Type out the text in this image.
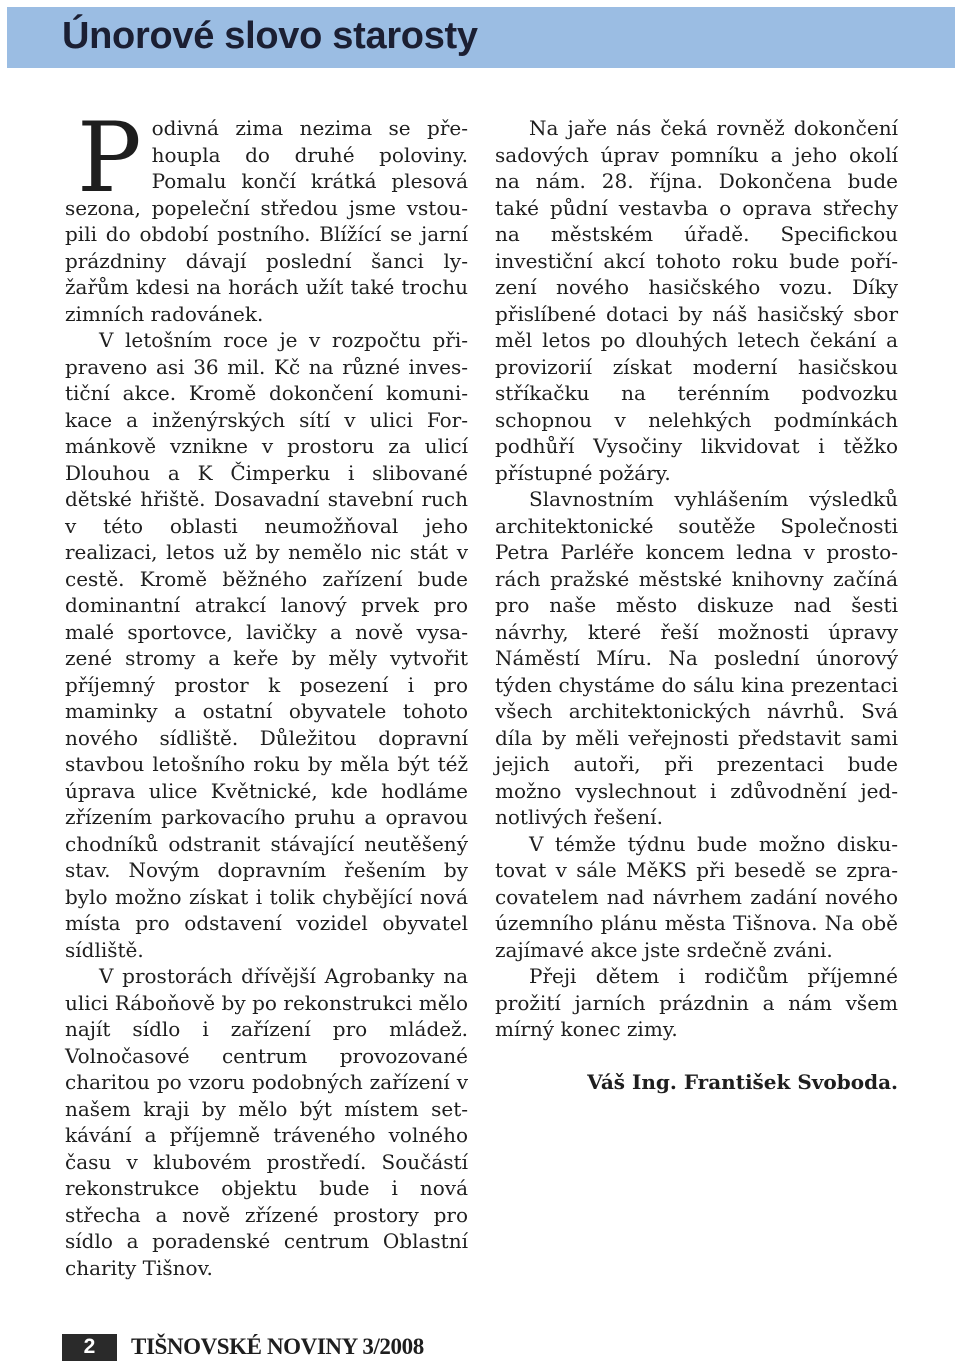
Únorové slovo starosty

Podivná zima nezima se přehoupla do druhé poloviny. Pomalu končí krátká plesová sezona, popeleční středou jsme vstoupili do období postního. Blížící se jarní prázdniny dávají poslední šanci lyžařům kdesi na horách užít také trochu zimních radovánek.

V letošním roce je v rozpočtu připraveno asi 36 mil. Kč na různé investiční akce. Kromě dokončení komunikace a inženýrských sítí v ulici Formánkově vznikne v prostoru za ulicí Dlouhou a K Čimperku i slibované dětské hřiště. Dosavadní stavební ruch v této oblasti neumožňoval jeho realizaci, letos už by nemělo nic stát v cestě. Kromě běžného zařízení bude dominantní atrakcí lanový prvek pro malé sportovce, lavičky a nově vysazené stromy a keře by měly vytvořit příjemný prostor k posezení i pro maminky a ostatní obyvatele tohoto nového sídliště. Důležitou dopravní stavbou letošního roku by měla být též úprava ulice Květnické, kde hodláme zřízením parkovacího pruhu a opravou chodníků odstranit stávající neutěšený stav. Novým dopravním řešením by bylo možno získat i tolik chybějící nová místa pro odstavení vozidel obyvatel sídliště.

V prostorách dřívější Agrobanky na ulici Rábοňově by po rekonstrukci mělo najít sídlo i zařízení pro mládež. Volnočasové centrum provozované charitou po vzoru podobných zařízení v našem kraji by mělo být místem setkávání a příjemně tráveného volného času v klubovém prostředí. Součástí rekonstrukce objektu bude i nová střecha a nově zřízené prostory pro sídlo a poradenské centrum Oblastní charity Tišnov.

Na jaře nás čeká rovněž dokončení sadových úprav pomníku a jeho okolí na nám. 28. října. Dokončena bude také půdní vestavba o oprava střechy na městském úřadě. Specifickou investiční akcí tohoto roku bude pořízení nového hasičského vozu. Díky přislíbené dotaci by náš hasičský sbor měl letos po dlouhých letech čekání a provizorií získat moderní hasičskou stříkačku na terénním podvozku schopnou v nelehkých podmínkách podhůří Vysočiny likvidovat i těžko přístupné požáry.

Slavnostním vyhlášením výsledků architektonické soutěže Společnosti Petra Parléře koncem ledna v prostorách pražské městské knihovny začíná pro naše město diskuze nad šesti návrhy, které řeší možnosti úpravy Náměstí Míru. Na poslední únorový týden chystáme do sálu kina prezentaci všech architektonických návrhů. Svá díla by měli veřejnosti představit sami jejich autoři, při prezentaci bude možno vyslechnout i zdůvodnění jednotlivých řešení.

V témže týdnu bude možno diskutovat v sále MěKS při besedě se zpracovatelem nad návrhem zadání nového územního plánu města Tišnova. Na obě zajímavé akce jste srdečně zváni.

Přeji dětem i rodičům příjemné prožití jarních prázdnin a nám všem mírný konec zimy.

Váš Ing. František Svoboda.
2	TIŠNOVSKÉ NOVINY 3/2008
